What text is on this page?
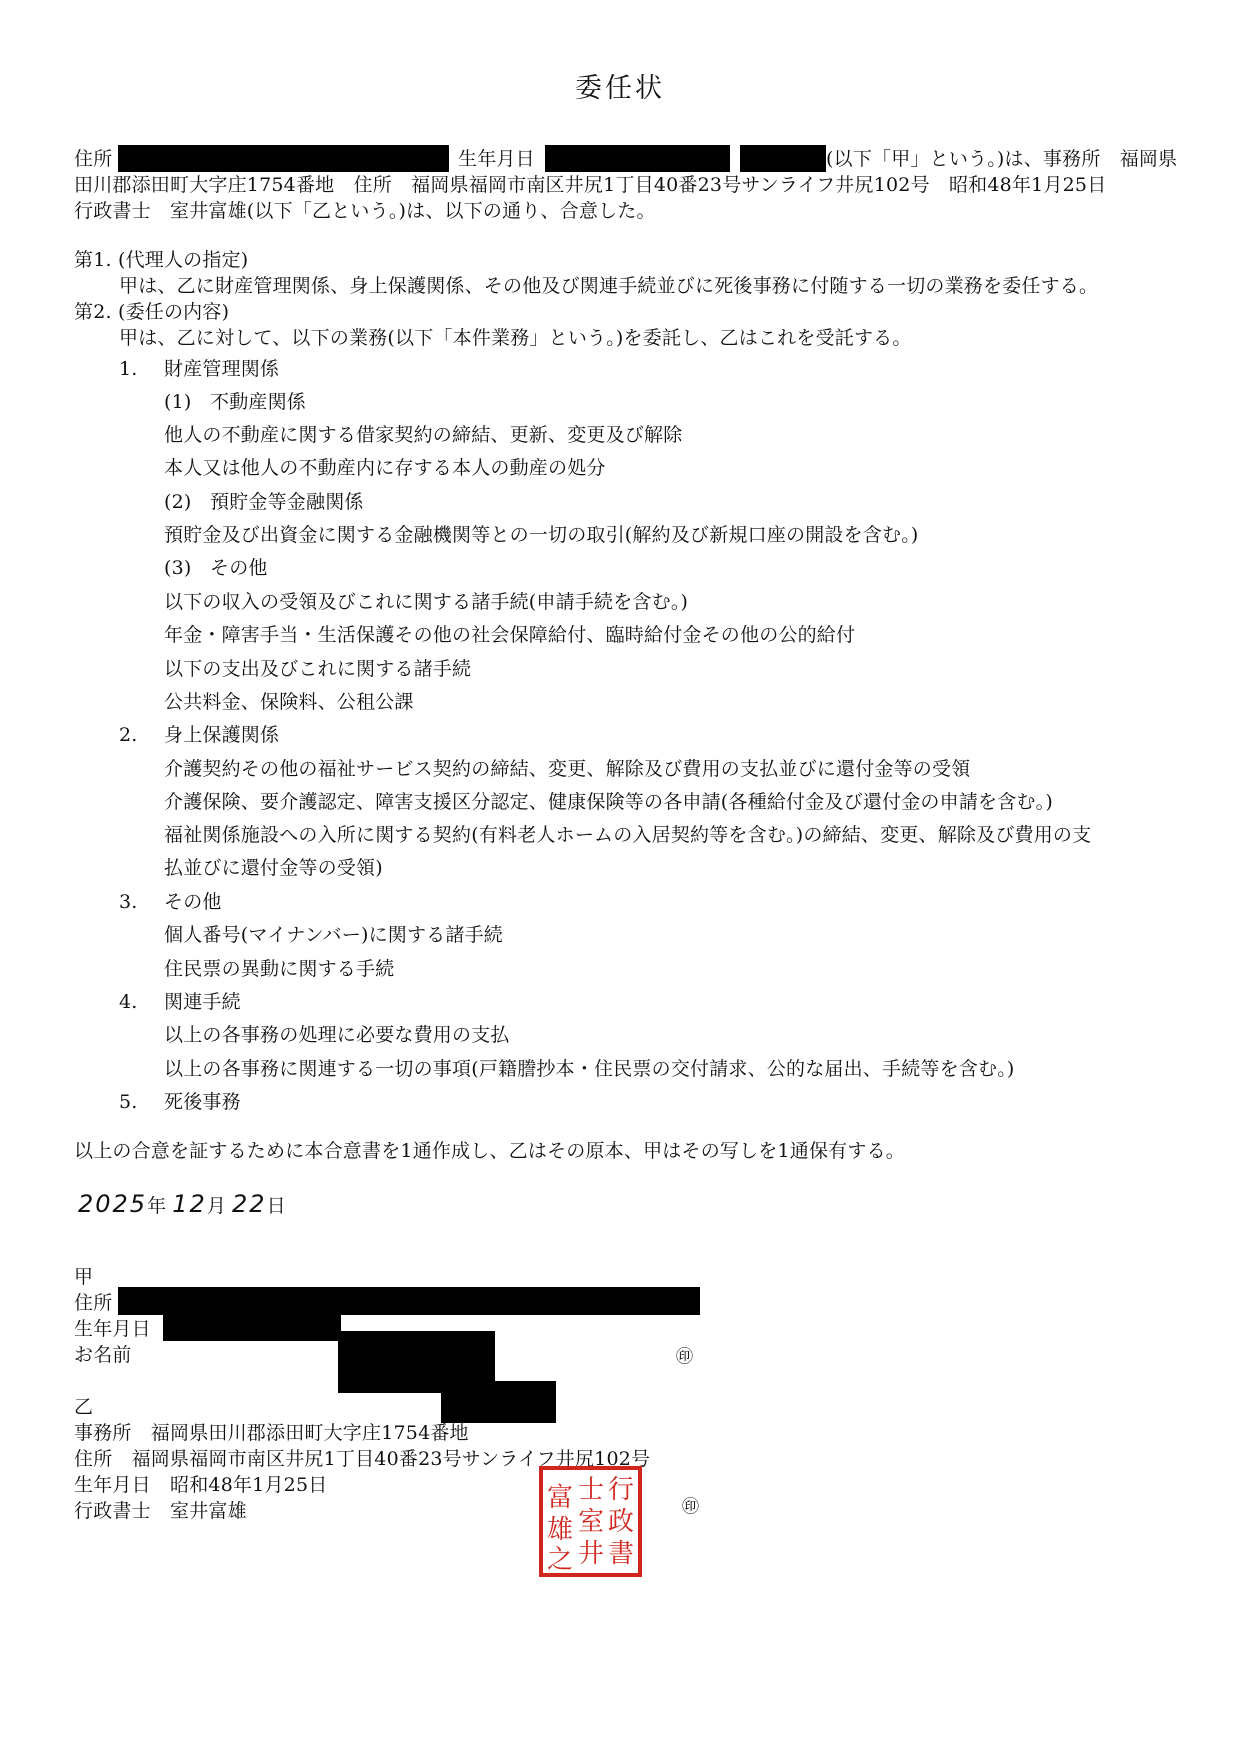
委任状
住所	生年月日	(以下「甲」という。)は、事務所　福岡県
田川郡添田町大字庄1754番地　住所　福岡県福岡市南区井尻1丁目40番23号サンライフ井尻102号　昭和48年1月25日
行政書士　室井富雄(以下「乙という。)は、以下の通り、合意した。
第1. (代理人の指定)
甲は、乙に財産管理関係、身上保護関係、その他及び関連手続並びに死後事務に付随する一切の業務を委任する。
第2. (委任の内容)
甲は、乙に対して、以下の業務(以下「本件業務」という。)を委託し、乙はこれを受託する。
1. 財産管理関係
(1) 不動産関係
他人の不動産に関する借家契約の締結、更新、変更及び解除
本人又は他人の不動産内に存する本人の動産の処分
(2) 預貯金等金融関係
預貯金及び出資金に関する金融機関等との一切の取引(解約及び新規口座の開設を含む。)
(3) その他
以下の収入の受領及びこれに関する諸手続(申請手続を含む。)
年金・障害手当・生活保護その他の社会保障給付、臨時給付金その他の公的給付
以下の支出及びこれに関する諸手続
公共料金、保険料、公租公課
2. 身上保護関係
介護契約その他の福祉サービス契約の締結、変更、解除及び費用の支払並びに還付金等の受領
介護保険、要介護認定、障害支援区分認定、健康保険等の各申請(各種給付金及び還付金の申請を含む。)
福祉関係施設への入所に関する契約(有料老人ホームの入居契約等を含む。)の締結、変更、解除及び費用の支
払並びに還付金等の受領)
3. その他
個人番号(マイナンバー)に関する諸手続
住民票の異動に関する手続
4. 関連手続
以上の各事務の処理に必要な費用の支払
以上の各事務に関連する一切の事項(戸籍謄抄本・住民票の交付請求、公的な届出、手続等を含む。)
5. 死後事務
以上の合意を証するために本合意書を1通作成し、乙はその原本、甲はその写しを1通保有する。
2025年 12月 22日
甲
住所
生年月日
お名前	㊞
乙
事務所　福岡県田川郡添田町大字庄1754番地
住所　福岡県福岡市南区井尻1丁目40番23号サンライフ井尻102号
生年月日　昭和48年1月25日
行政書士　室井富雄	㊞
行
政
書
士
室
井
富
雄
之
